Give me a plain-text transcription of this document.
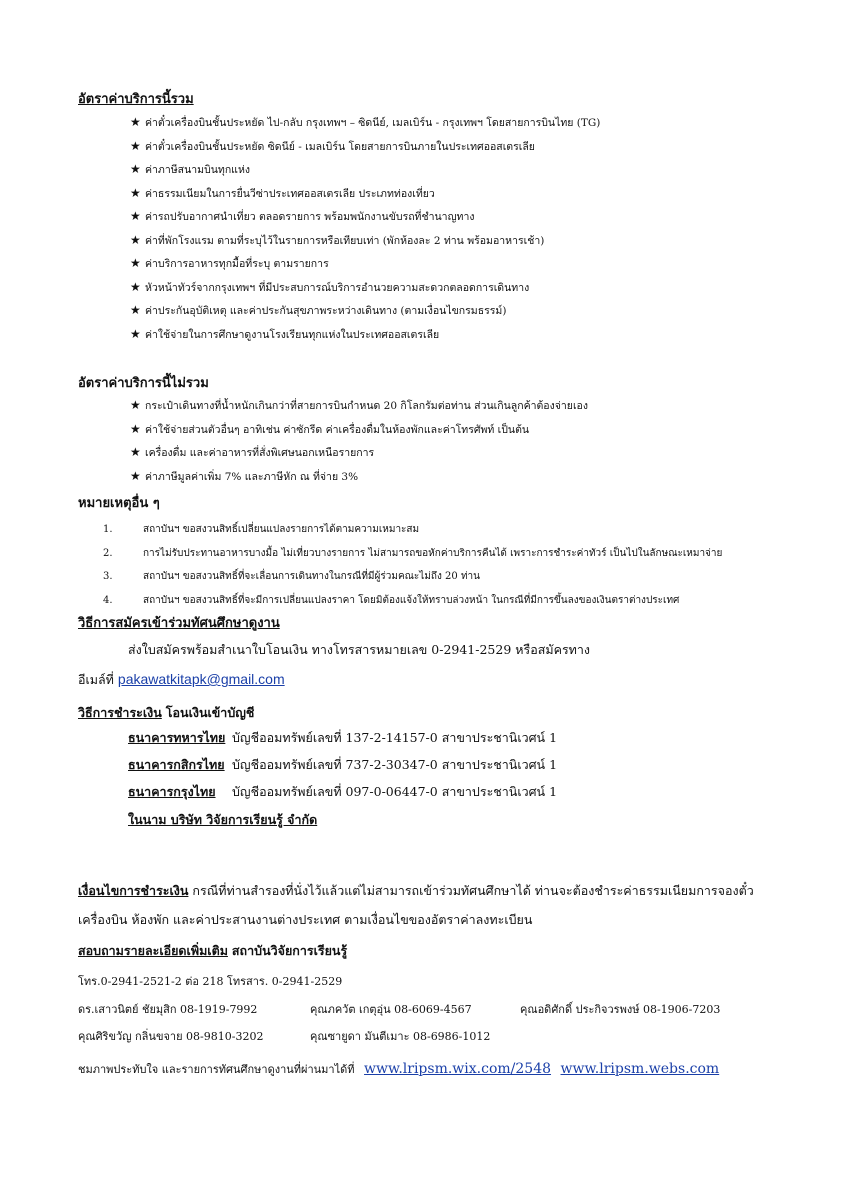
อัตราค่าบริการนี้รวม
★ ค่าตั๋วเครื่องบินชั้นประหยัด ไป-กลับ กรุงเทพฯ – ซิดนีย์, เมลเบิร์น - กรุงเทพฯ โดยสายการบินไทย (TG)
★ ค่าตั๋วเครื่องบินชั้นประหยัด ซิดนีย์ - เมลเบิร์น โดยสายการบินภายในประเทศออสเตรเลีย
★ ค่าภาษีสนามบินทุกแห่ง
★ ค่าธรรมเนียมในการยื่นวีซ่าประเทศออสเตรเลีย ประเภทท่องเที่ยว
★ ค่ารถปรับอากาศนำเที่ยว ตลอดรายการ พร้อมพนักงานขับรถที่ชำนาญทาง
★ ค่าที่พักโรงแรม ตามที่ระบุไว้ในรายการหรือเทียบเท่า (พักห้องละ 2 ท่าน พร้อมอาหารเช้า)
★ ค่าบริการอาหารทุกมื้อที่ระบุ ตามรายการ
★ หัวหน้าทัวร์จากกรุงเทพฯ ที่มีประสบการณ์บริการอำนวยความสะดวกตลอดการเดินทาง
★ ค่าประกันอุบัติเหตุ และค่าประกันสุขภาพระหว่างเดินทาง (ตามเงื่อนไขกรมธรรม์)
★ ค่าใช้จ่ายในการศึกษาดูงานโรงเรียนทุกแห่งในประเทศออสเตรเลีย
อัตราค่าบริการนี้ไม่รวม
★ กระเป๋าเดินทางที่น้ำหนักเกินกว่าที่สายการบินกำหนด 20 กิโลกรัมต่อท่าน ส่วนเกินลูกค้าต้องจ่ายเอง
★ ค่าใช้จ่ายส่วนตัวอื่นๆ อาทิเช่น ค่าซักรีด ค่าเครื่องดื่มในห้องพักและค่าโทรศัพท์ เป็นต้น
★ เครื่องดื่ม และค่าอาหารที่สั่งพิเศษนอกเหนือรายการ
★ ค่าภาษีมูลค่าเพิ่ม 7% และภาษีหัก ณ ที่จ่าย 3%
หมายเหตุอื่น ๆ
1.	สถาบันฯ ขอสงวนสิทธิ์เปลี่ยนแปลงรายการได้ตามความเหมาะสม
2.	การไม่รับประทานอาหารบางมื้อ ไม่เที่ยวบางรายการ ไม่สามารถขอหักค่าบริการคืนได้ เพราะการชำระค่าทัวร์ เป็นไปในลักษณะเหมาจ่าย
3.	สถาบันฯ ขอสงวนสิทธิ์ที่จะเลื่อนการเดินทางในกรณีที่มีผู้ร่วมคณะไม่ถึง 20 ท่าน
4.	สถาบันฯ ขอสงวนสิทธิ์ที่จะมีการเปลี่ยนแปลงราคา โดยมิต้องแจ้งให้ทราบล่วงหน้า ในกรณีที่มีการขึ้นลงของเงินตราต่างประเทศ
วิธีการสมัครเข้าร่วมทัศนศึกษาดูงาน
ส่งใบสมัครพร้อมสำเนาใบโอนเงิน ทางโทรสารหมายเลข 0-2941-2529 หรือสมัครทาง
อีเมล์ที่ pakawatkitapk@gmail.com
วิธีการชำระเงิน โอนเงินเข้าบัญชี
ธนาคารทหารไทย บัญชีออมทรัพย์เลขที่ 137-2-14157-0 สาขาประชานิเวศน์ 1
ธนาคารกสิกรไทย บัญชีออมทรัพย์เลขที่ 737-2-30347-0 สาขาประชานิเวศน์ 1
ธนาคารกรุงไทย บัญชีออมทรัพย์เลขที่ 097-0-06447-0 สาขาประชานิเวศน์ 1
ในนาม บริษัท วิจัยการเรียนรู้ จำกัด
เงื่อนไขการชำระเงิน กรณีที่ท่านสำรองที่นั่งไว้แล้วแต่ไม่สามารถเข้าร่วมทัศนศึกษาได้ ท่านจะต้องชำระค่าธรรมเนียมการจองตั๋ว
เครื่องบิน ห้องพัก และค่าประสานงานต่างประเทศ ตามเงื่อนไขของอัตราค่าลงทะเบียน
สอบถามรายละเอียดเพิ่มเติม สถาบันวิจัยการเรียนรู้
โทร.0-2941-2521-2 ต่อ 218 โทรสาร. 0-2941-2529
ดร.เสาวนิตย์ ชัยมุสิก 08-1919-7992	คุณภควัต เกตุอุ่น 08-6069-4567	คุณอดิศักดิ์ ประกิจวรพงษ์ 08-1906-7203
คุณศิริขวัญ กลิ่นขจาย 08-9810-3202	คุณซายูดา มันตีเมาะ 08-6986-1012
ชมภาพประทับใจ และรายการทัศนศึกษาดูงานที่ผ่านมาได้ที่ www.lripsm.wix.com/2548 www.lripsm.webs.com
